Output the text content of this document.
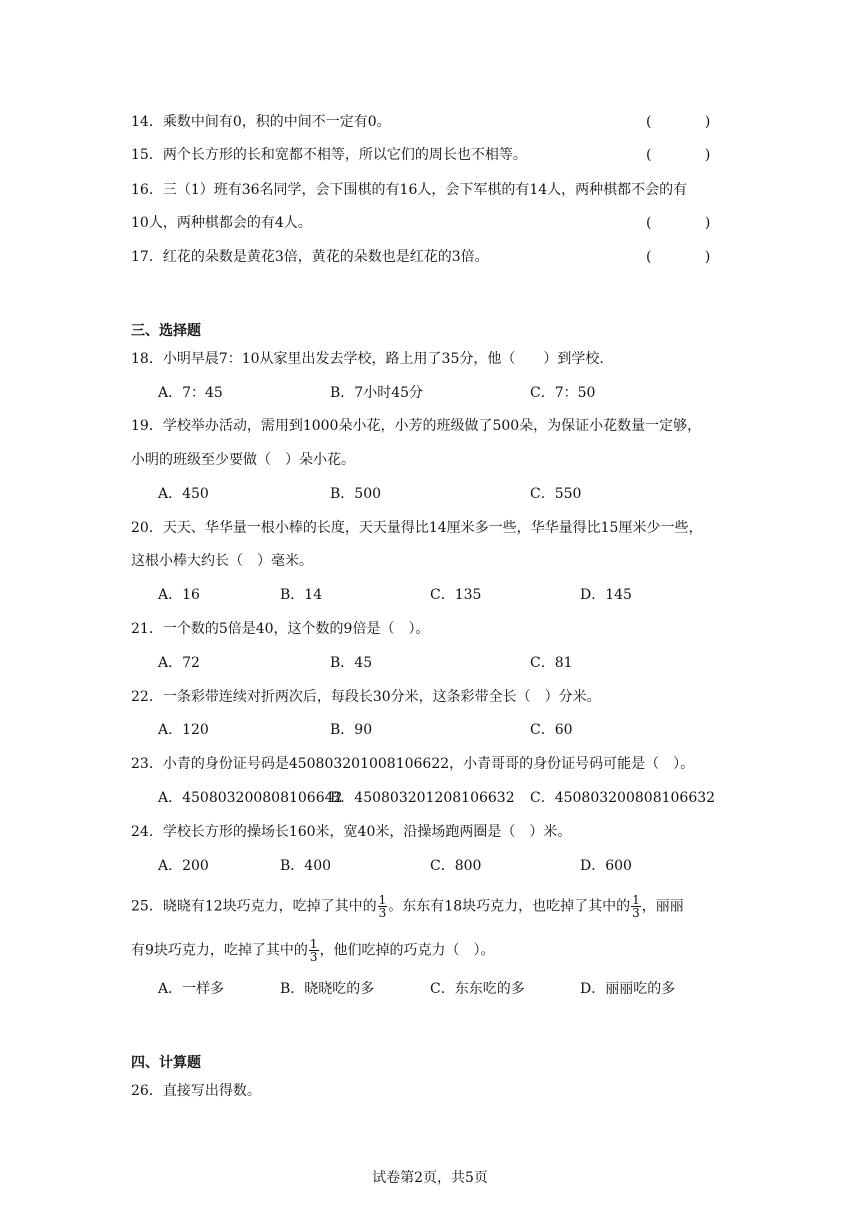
14．乘数中间有0，积的中间不一定有0。	(            )
15．两个长方形的长和宽都不相等，所以它们的周长也不相等。	(            )
16．三（1）班有36名同学，会下围棋的有16人，会下军棋的有14人，两种棋都不会的有
10人，两种棋都会的有4人。	(            )
17．红花的朵数是黄花3倍，黄花的朵数也是红花的3倍。	(            )
三、选择题
18．小明早晨7：10从家里出发去学校，路上用了35分，他（　　）到学校.
A．7：45	B．7小时45分	C．7：50
19．学校举办活动，需用到1000朵小花，小芳的班级做了500朵，为保证小花数量一定够，
小明的班级至少要做（　）朵小花。
A．450	B．500	C．550
20．天天、华华量一根小棒的长度，天天量得比14厘米多一些，华华量得比15厘米少一些，
这根小棒大约长（　）毫米。
A．16	B．14	C．135	D．145
21．一个数的5倍是40，这个数的9倍是（　）。
A．72	B．45	C．81
22．一条彩带连续对折两次后，每段长30分米，这条彩带全长（　）分米。
A．120	B．90	C．60
23．小青的身份证号码是450803201008106622，小青哥哥的身份证号码可能是（　）。
A．450803200808106642
B．450803201208106632 C．450803200808106632
24．学校长方形的操场长160米，宽40米，沿操场跑两圈是（　）米。
A．200	B．400	C．800	D．600
25．晓晓有12块巧克力，吃掉了其中的 $\frac{1}{3}$ 。东东有18块巧克力，也吃掉了其中的 $\frac{1}{3}$ ，丽丽
有9块巧克力，吃掉了其中的 $\frac{1}{3}$ ，他们吃掉的巧克力（　）。
A．一样多	B．晓晓吃的多	C．东东吃的多	D．丽丽吃的多
四、计算题
26．直接写出得数。
试卷第2页，共5页
